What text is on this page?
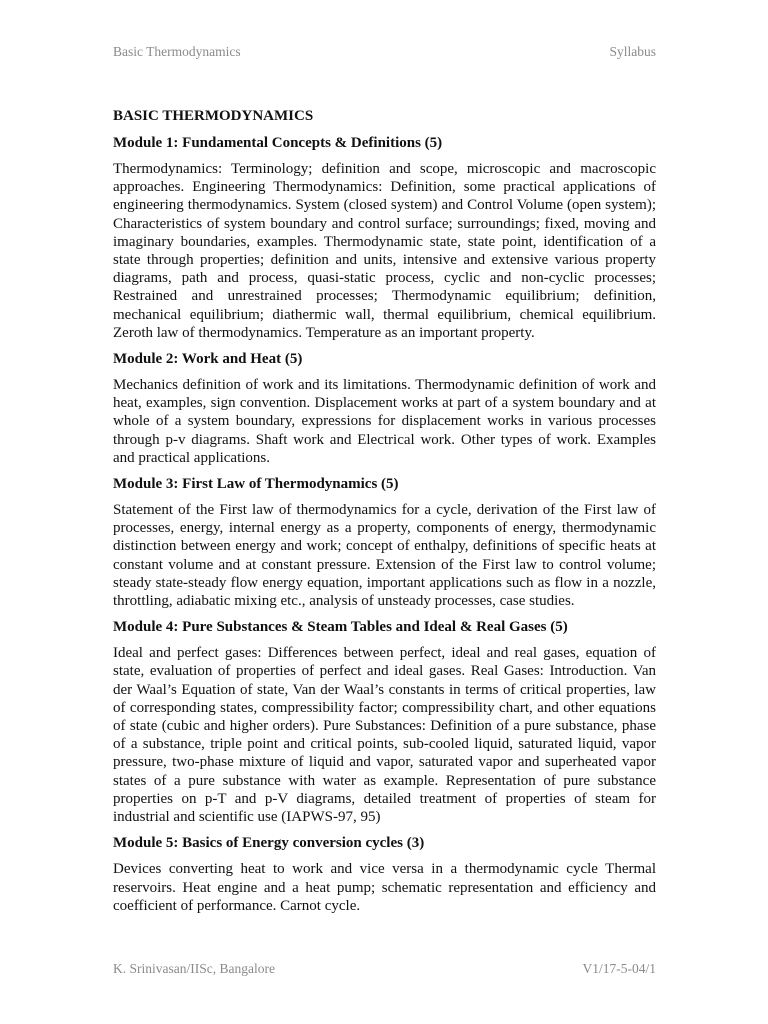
Basic Thermodynamics	Syllabus
BASIC THERMODYNAMICS
Module 1: Fundamental Concepts & Definitions (5)
Thermodynamics: Terminology; definition and scope, microscopic and macroscopic approaches. Engineering Thermodynamics: Definition, some practical applications of engineering thermodynamics. System (closed system) and Control Volume (open system); Characteristics of system boundary and control surface; surroundings; fixed, moving and imaginary boundaries, examples. Thermodynamic state, state point, identification of a state through properties; definition and units, intensive and extensive various property diagrams, path and process, quasi-static process, cyclic and non-cyclic processes; Restrained and unrestrained processes; Thermodynamic equilibrium; definition, mechanical equilibrium; diathermic wall, thermal equilibrium, chemical equilibrium. Zeroth law of thermodynamics. Temperature as an important property.
Module 2: Work and Heat (5)
Mechanics definition of work and its limitations. Thermodynamic definition of work and heat, examples, sign convention. Displacement works at part of a system boundary and at whole of a system boundary, expressions for displacement works in various processes through p-v diagrams. Shaft work and Electrical work. Other types of work. Examples and practical applications.
Module 3: First Law of Thermodynamics (5)
Statement of the First law of thermodynamics for a cycle, derivation of the First law of processes, energy, internal energy as a property, components of energy, thermodynamic distinction between energy and work; concept of enthalpy, definitions of specific heats at constant volume and at constant pressure. Extension of the First law to control volume; steady state-steady flow energy equation, important applications such as flow in a nozzle, throttling, adiabatic mixing etc., analysis of unsteady processes, case studies.
Module 4: Pure Substances & Steam Tables and Ideal & Real Gases (5)
Ideal and perfect gases: Differences between perfect, ideal and real gases, equation of state, evaluation of properties of perfect and ideal gases. Real Gases: Introduction. Van der Waal’s Equation of state, Van der Waal’s constants in terms of critical properties, law of corresponding states, compressibility factor; compressibility chart, and other equations of state (cubic and higher orders). Pure Substances: Definition of a pure substance, phase of a substance, triple point and critical points, sub-cooled liquid, saturated liquid, vapor pressure, two-phase mixture of liquid and vapor, saturated vapor and superheated vapor states of a pure substance with water as example. Representation of pure substance properties on p-T and p-V diagrams, detailed treatment of properties of steam for industrial and scientific use (IAPWS-97, 95)
Module 5: Basics of Energy conversion cycles (3)
Devices converting heat to work and vice versa in a thermodynamic cycle Thermal reservoirs. Heat engine and a heat pump; schematic representation and efficiency and coefficient of performance. Carnot cycle.
K. Srinivasan/IISc, Bangalore	V1/17-5-04/1
